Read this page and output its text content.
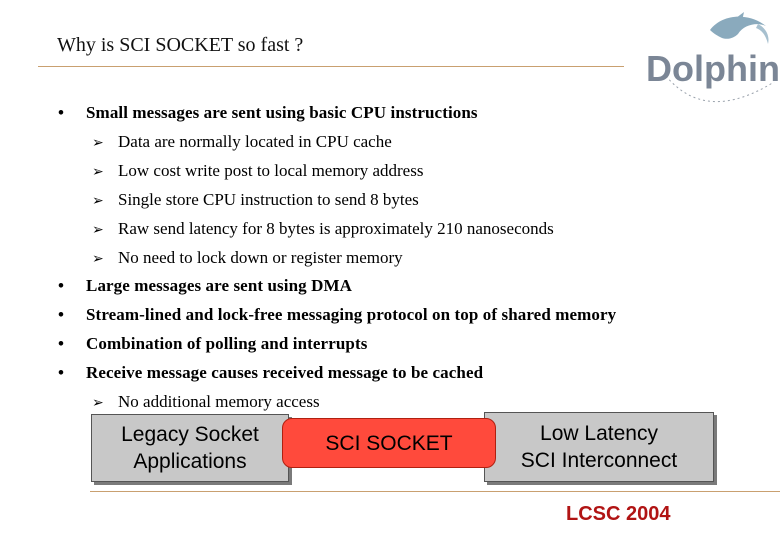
Why is SCI SOCKET so fast ?
Dolphin
• Small messages are sent using basic CPU instructions
➢ Data are normally located in CPU cache
➢ Low cost write post to local memory address
➢ Single store CPU instruction to send 8 bytes
➢ Raw send latency for 8 bytes is approximately 210 nanoseconds
➢ No need to lock down or register memory
• Large messages are sent using DMA
• Stream-lined and lock-free messaging protocol on top of shared memory
• Combination of polling and interrupts
• Receive message causes received message to be cached
➢ No additional memory access
Legacy Socket
Applications
SCI SOCKET	Low Latency
SCI Interconnect
LCSC 2004
